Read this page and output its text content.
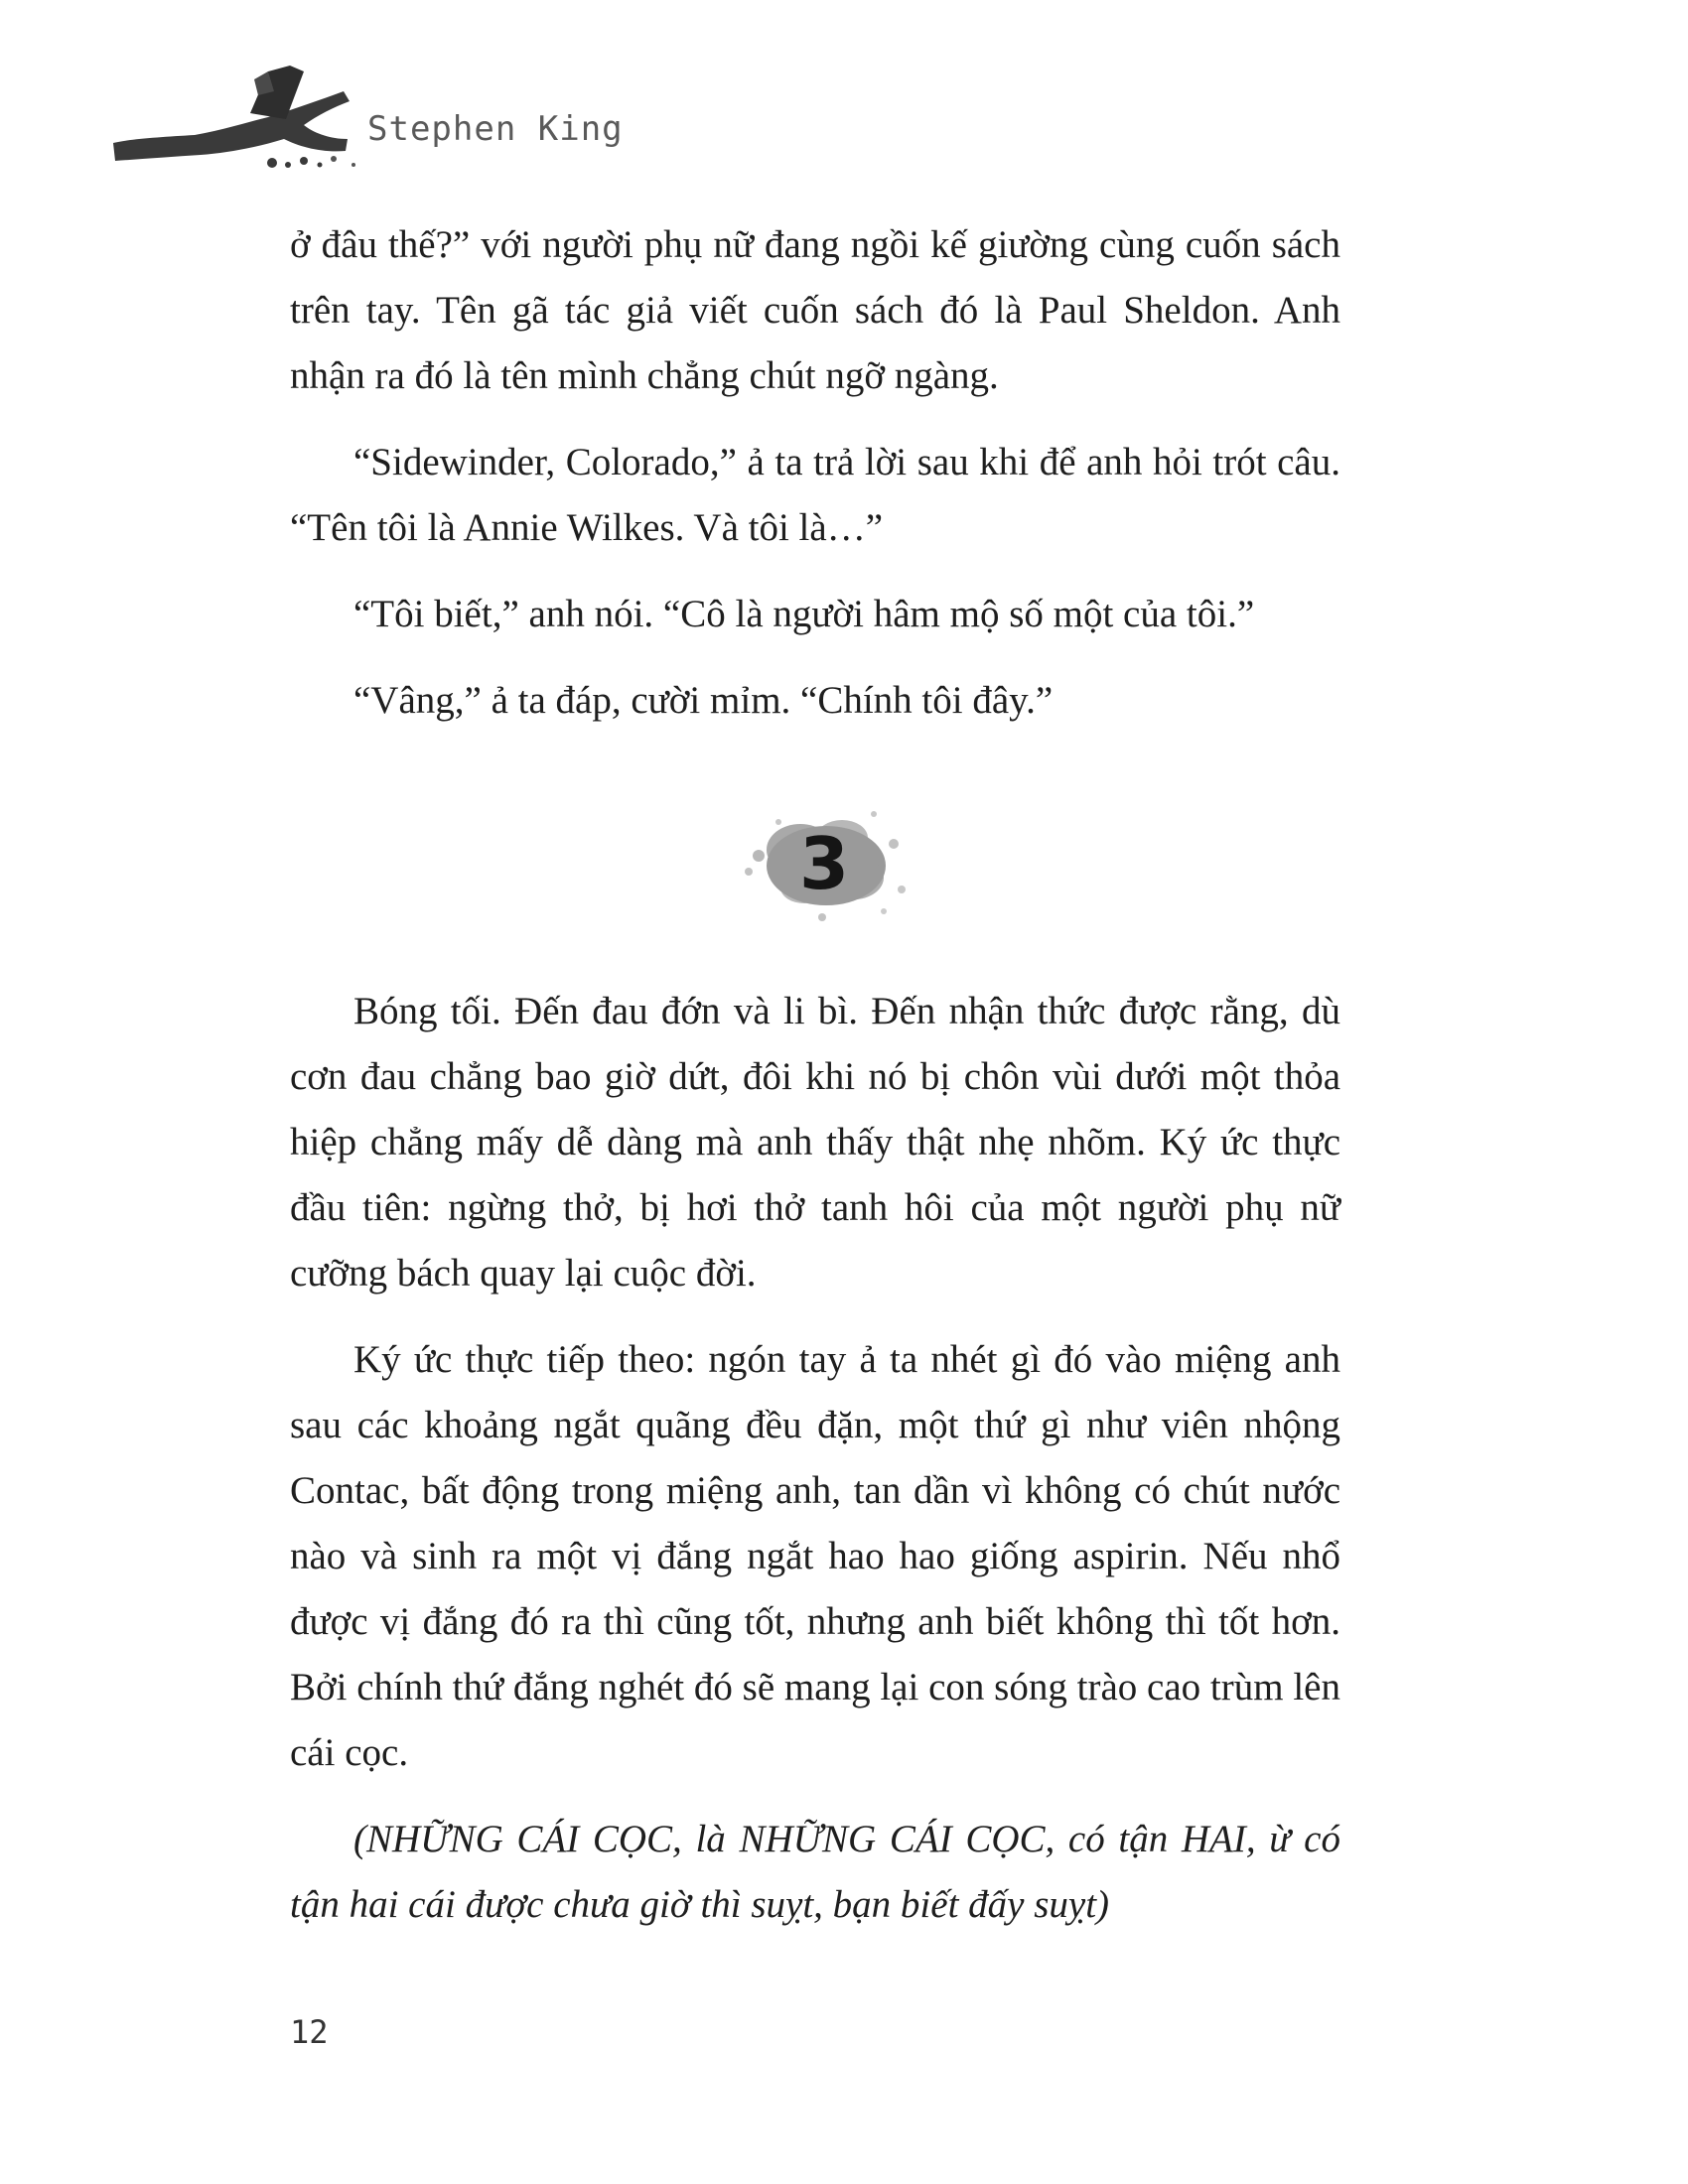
Stephen King

ở đâu thế?” với người phụ nữ đang ngồi kế giường cùng cuốn sách trên tay. Tên gã tác giả viết cuốn sách đó là Paul Sheldon. Anh nhận ra đó là tên mình chẳng chút ngỡ ngàng.

“Sidewinder, Colorado,” ả ta trả lời sau khi để anh hỏi trót câu. “Tên tôi là Annie Wilkes. Và tôi là…”

“Tôi biết,” anh nói. “Cô là người hâm mộ số một của tôi.”

“Vâng,” ả ta đáp, cười mỉm. “Chính tôi đây.”

3

Bóng tối. Đến đau đớn và li bì. Đến nhận thức được rằng, dù cơn đau chẳng bao giờ dứt, đôi khi nó bị chôn vùi dưới một thỏa hiệp chẳng mấy dễ dàng mà anh thấy thật nhẹ nhõm. Ký ức thực đầu tiên: ngừng thở, bị hơi thở tanh hôi của một người phụ nữ cưỡng bách quay lại cuộc đời.

Ký ức thực tiếp theo: ngón tay ả ta nhét gì đó vào miệng anh sau các khoảng ngắt quãng đều đặn, một thứ gì như viên nhộng Contac, bất động trong miệng anh, tan dần vì không có chút nước nào và sinh ra một vị đắng ngắt hao hao giống aspirin. Nếu nhổ được vị đắng đó ra thì cũng tốt, nhưng anh biết không thì tốt hơn. Bởi chính thứ đắng nghét đó sẽ mang lại con sóng trào cao trùm lên cái cọc.

(NHỮNG CÁI CỌC, là NHỮNG CÁI CỌC, có tận HAI, ừ có tận hai cái được chưa giờ thì suỵt, bạn biết đấy suỵt)

12
